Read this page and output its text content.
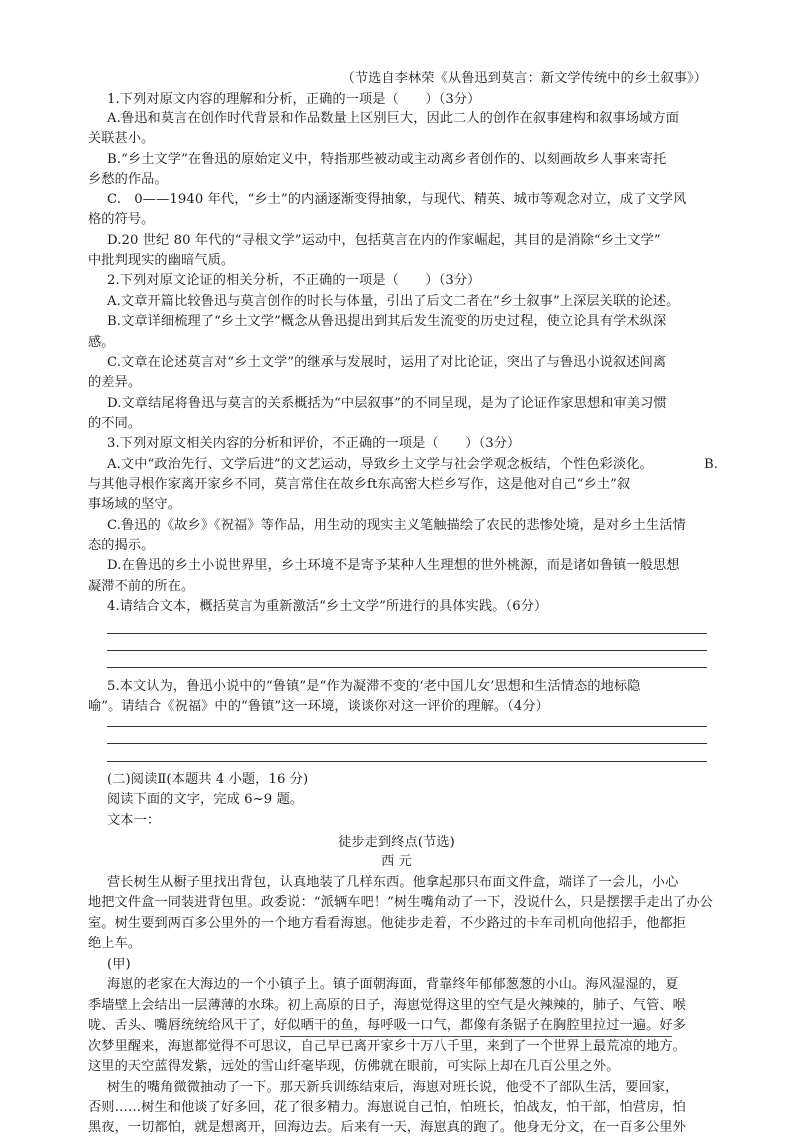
（节选自李林荣《从鲁迅到莫言：新文学传统中的乡土叙事》）
1.下列对原文内容的理解和分析，正确的一项是（　　）（3分）
A.鲁迅和莫言在创作时代背景和作品数量上区别巨大，因此二人的创作在叙事建构和叙事场域方面
关联甚小。
B.“乡土文学”在鲁迅的原始定义中，特指那些被动或主动离乡者创作的、以刻画故乡人事来寄托
乡愁的作品。
C.　0——1940 年代，“乡土”的内涵逐渐变得抽象，与现代、精英、城市等观念对立，成了文学风
格的符号。
D.20 世纪 80 年代的“寻根文学”运动中，包括莫言在内的作家崛起，其目的是消除“乡土文学”
中批判现实的幽暗气质。
2.下列对原文论证的相关分析，不正确的一项是（　　）（3分）
A.文章开篇比较鲁迅与莫言创作的时长与体量，引出了后文二者在“乡土叙事”上深层关联的论述。
B.文章详细梳理了“乡土文学”概念从鲁迅提出到其后发生流变的历史过程，使立论具有学术纵深
感。
C.文章在论述莫言对“乡土文学”的继承与发展时，运用了对比论证，突出了与鲁迅小说叙述间离
的差异。
D.文章结尾将鲁迅与莫言的关系概括为“中层叙事”的不同呈现，是为了论证作家思想和审美习惯
的不同。
3.下列对原文相关内容的分析和评价，不正确的一项是（　　）（3分）
A.文中“政治先行、文学后进”的文艺运动，导致乡土文学与社会学观念板结，个性色彩淡化。	B.
与其他寻根作家离开家乡不同，莫言常住在故乡ft东高密大栏乡写作，这是他对自己“乡土”叙
事场域的坚守。
C.鲁迅的《故乡》《祝福》等作品，用生动的现实主义笔触描绘了农民的悲惨处境，是对乡土生活情
态的揭示。
D.在鲁迅的乡土小说世界里，乡土环境不是寄予某种人生理想的世外桃源，而是诸如鲁镇一般思想
凝滞不前的所在。
4.请结合文本，概括莫言为重新激活“乡土文学”所进行的具体实践。（6分）
5.本文认为，鲁迅小说中的“鲁镇”是“作为凝滞不变的‘老中国儿女’思想和生活情态的地标隐
喻”。请结合《祝福》中的“鲁镇”这一环境，谈谈你对这一评价的理解。（4分）
(二)阅读Ⅱ(本题共 4 小题，16 分)
阅读下面的文字，完成 6~9 题。
文本一：
徒步走到终点(节选)
西 元
营长树生从橱子里找出背包，认真地装了几样东西。他拿起那只布面文件盒，端详了一会儿，小心
地把文件盒一同装进背包里。政委说：“派辆车吧！”树生嘴角动了一下，没说什么，只是摆摆手走出了办公
室。树生要到两百多公里外的一个地方看看海崽。他徒步走着，不少路过的卡车司机向他招手，他都拒
绝上车。
(甲)
海崽的老家在大海边的一个小镇子上。镇子面朝海面，背靠终年郁郁葱葱的小山。海风湿湿的，夏
季墙壁上会结出一层薄薄的水珠。初上高原的日子，海崽觉得这里的空气是火辣辣的，肺子、气管、喉
咙、舌头、嘴唇统统给风干了，好似晒干的鱼，每呼吸一口气，都像有条锯子在胸腔里拉过一遍。好多
次梦里醒来，海崽都觉得不可思议，自己早已离开家乡十万八千里，来到了一个世界上最荒凉的地方。
这里的天空蓝得发紫，远处的雪山纤毫毕现，仿佛就在眼前，可实际上却在几百公里之外。
树生的嘴角微微抽动了一下。那天新兵训练结束后，海崽对班长说，他受不了部队生活，要回家，
否则……树生和他谈了好多回，花了很多精力。海崽说自己怕，怕班长，怕战友，怕干部，怕营房，怕
黑夜，一切都怕，就是想离开，回海边去。后来有一天，海崽真的跑了。他身无分文，在一百多公里外
